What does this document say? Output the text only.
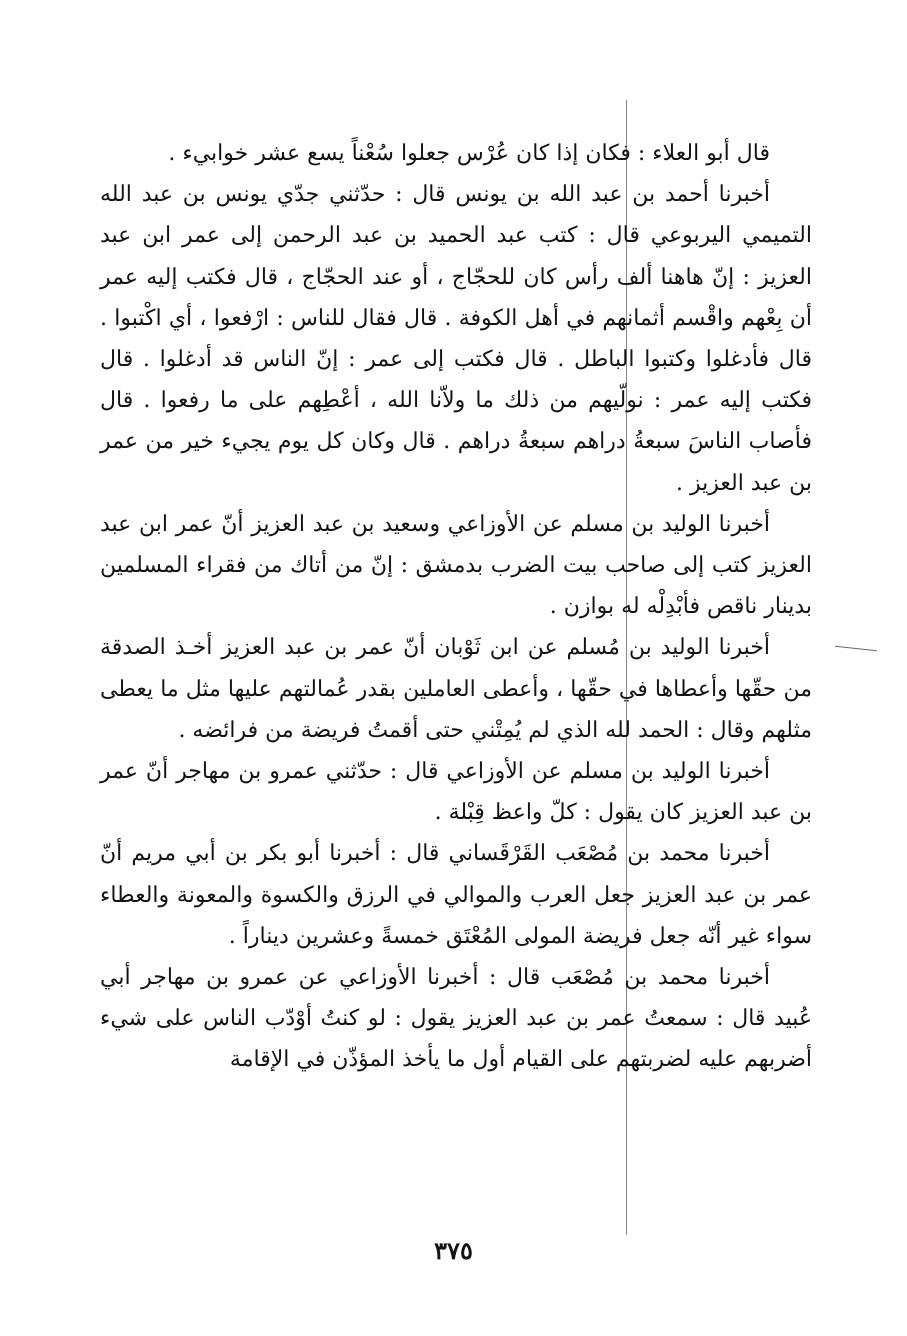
قال أبو العلاء : فكان إذا كان عُرْس جعلوا سُعْناً يسع عشر خوابيء .

أخبرنا أحمد بن عبد الله بن يونس قال : حدّثني جدّي يونس بن عبد الله التميمي اليربوعي قال : كتب عبد الحميد بن عبد الرحمن إلى عمر ابن عبد العزيز : إنّ هاهنا ألف رأس كان للحجّاج ، أو عند الحجّاج ، قال فكتب إليه عمر أن بِعْهم واقْسم أثمانهم في أهل الكوفة . قال فقال للناس : ارْفعوا ، أي اكْتبوا . قال فأدغلوا وكتبوا الباطل . قال فكتب إلى عمر : إنّ الناس قد أدغلوا . قال فكتب إليه عمر : نولّيهم من ذلك ما ولاّنا الله ، أعْطِهم على ما رفعوا . قال فأصاب الناسَ سبعةُ دراهم سبعةُ دراهم . قال وكان كل يوم يجيء خير من عمر بن عبد العزيز .

أخبرنا الوليد بن مسلم عن الأوزاعي وسعيد بن عبد العزيز أنّ عمر ابن عبد العزيز كتب إلى صاحب بيت الضرب بدمشق : إنّ من أتاك من فقراء المسلمين بدينار ناقص فأبْدِلْه له بوازن .

أخبرنا الوليد بن مُسلم عن ابن ثَوْبان أنّ عمر بن عبد العزيز أخـذ الصدقة من حقّها وأعطاها في حقّها ، وأعطى العاملين بقدر عُمالتهم عليها مثل ما يعطى مثلهم وقال : الحمد لله الذي لم يُمِتْني حتى أقمتُ فريضة من فرائضه .

أخبرنا الوليد بن مسلم عن الأوزاعي قال : حدّثني عمرو بن مهاجر أنّ عمر بن عبد العزيز كان يقول : كلّ واعظ قِبْلة .

أخبرنا محمد بن مُصْعَب القَرْقَساني قال : أخبرنا أبو بكر بن أبي مريم أنّ عمر بن عبد العزيز جعل العرب والموالي في الرزق والكسوة والمعونة والعطاء سواء غير أنّه جعل فريضة المولى المُعْتَق خمسةً وعشرين ديناراً .

أخبرنا محمد بن مُصْعَب قال : أخبرنا الأوزاعي عن عمرو بن مهاجر أبي عُبيد قال : سمعتُ عمر بن عبد العزيز يقول : لو كنتُ أوْدّب الناس على شيء أضربهم عليه لضربتهم على القيام أول ما يأخذ المؤذّن في الإقامة

٣٧٥
